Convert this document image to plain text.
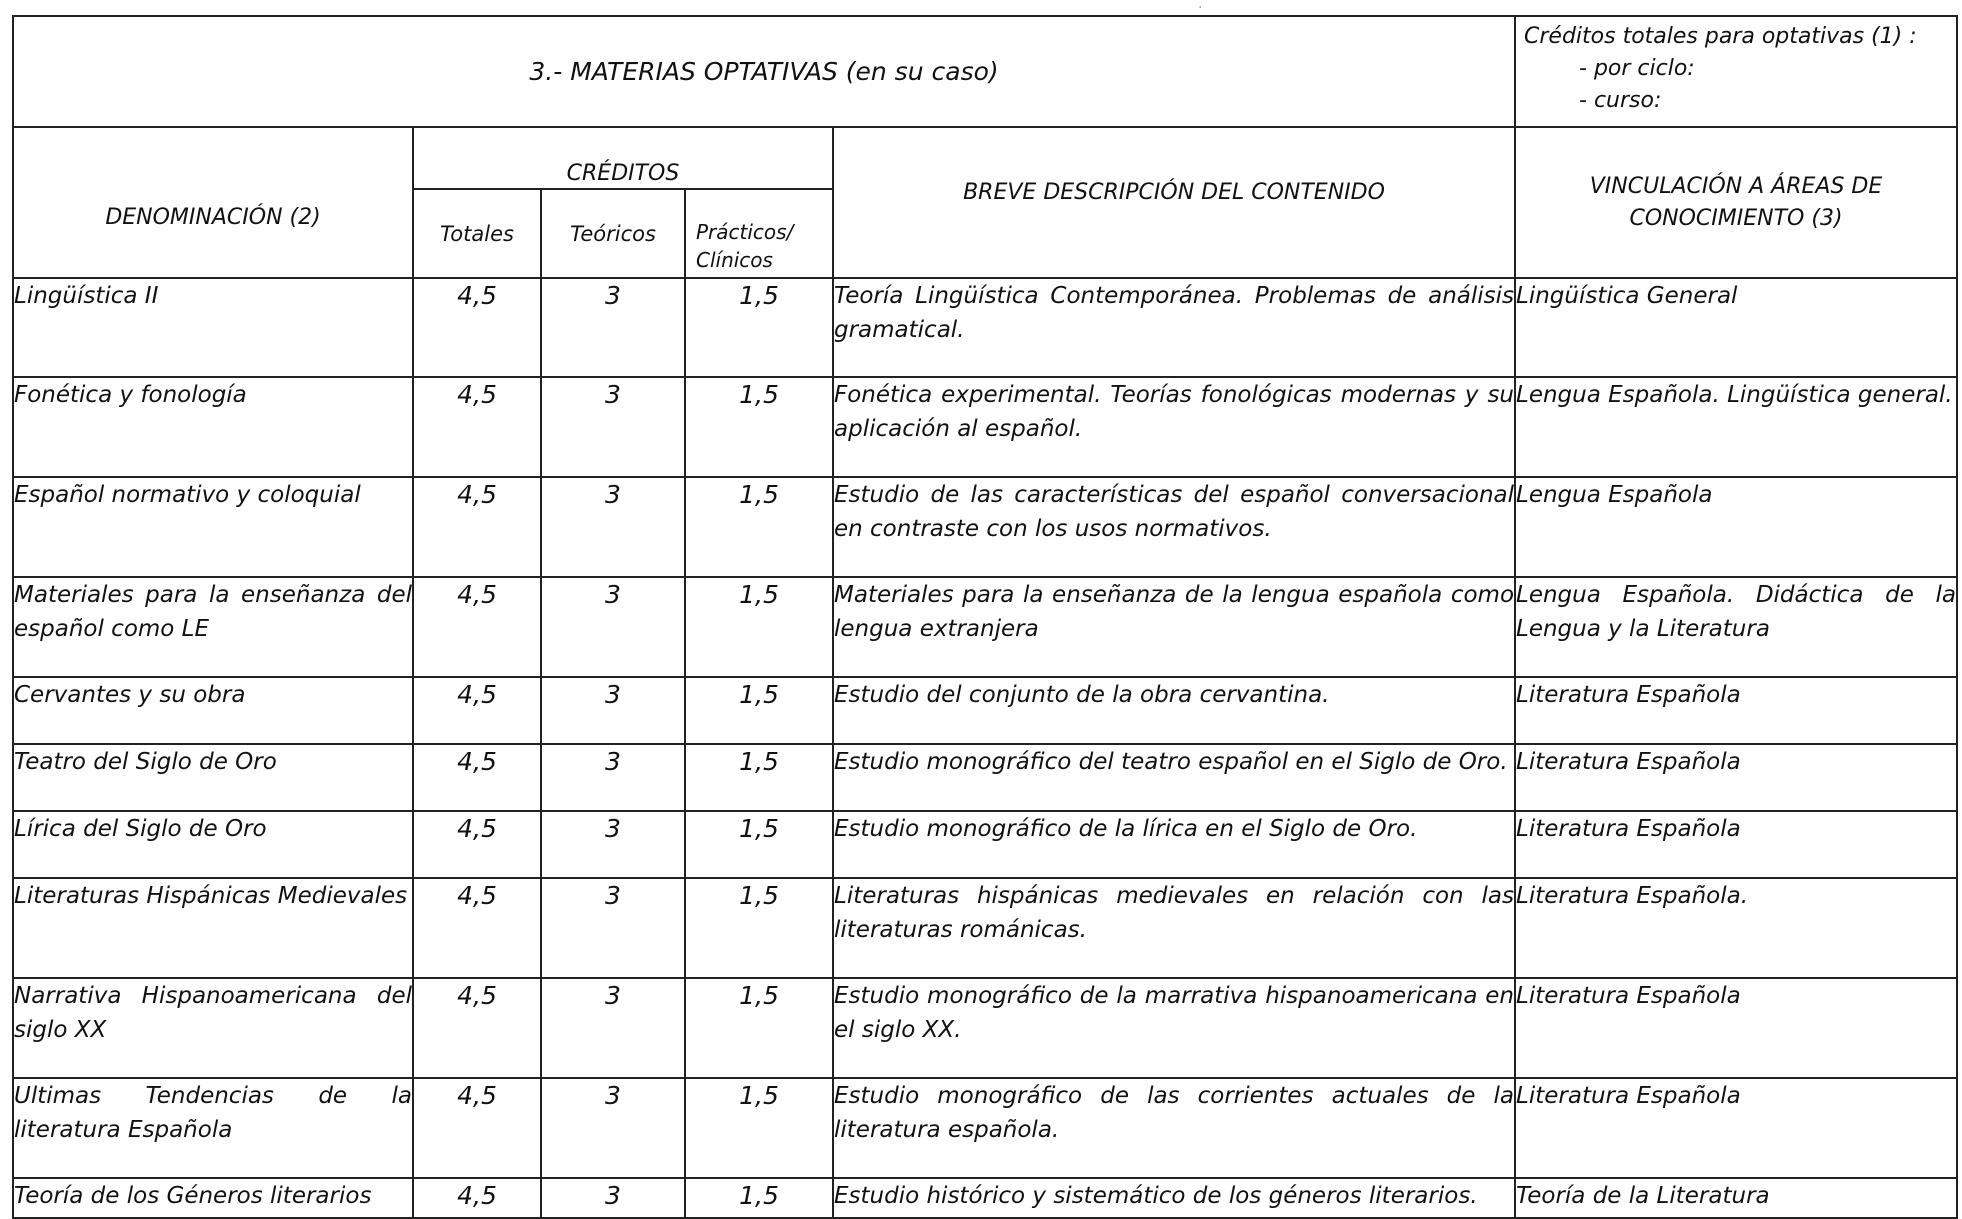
3.- MATERIAS OPTATIVAS (en su caso)					Créditos totales para optativas (1) :
- por ciclo:
- curso:

DENOMINACIÓN (2)	CRÉDITOS			BREVE DESCRIPCIÓN DEL CONTENIDO	VINCULACIÓN A ÁREAS DE CONOCIMIENTO (3)
	Totales	Teóricos	Prácticos/ Clínicos		
Lingüística II	4,5	3	1,5	Teoría Lingüística Contemporánea. Problemas de análisis gramatical.	Lingüística General
Fonética y fonología	4,5	3	1,5	Fonética experimental. Teorías fonológicas modernas y su aplicación al español.	Lengua Española. Lingüística general.
Español normativo y coloquial	4,5	3	1,5	Estudio de las características del español conversacional en contraste con los usos normativos.	Lengua Española
Materiales para la enseñanza del español como LE	4,5	3	1,5	Materiales para la enseñanza de la lengua española como lengua extranjera	Lengua Española. Didáctica de la Lengua y la Literatura
Cervantes y su obra	4,5	3	1,5	Estudio del conjunto de la obra cervantina.	Literatura Española
Teatro del Siglo de Oro	4,5	3	1,5	Estudio monográfico del teatro español en el Siglo de Oro.	Literatura Española
Lírica del Siglo de Oro	4,5	3	1,5	Estudio monográfico de la lírica en el Siglo de Oro.	Literatura Española
Literaturas Hispánicas Medievales	4,5	3	1,5	Literaturas hispánicas medievales en relación con las literaturas románicas.	Literatura Española.
Narrativa Hispanoamericana del siglo XX	4,5	3	1,5	Estudio monográfico de la marrativa hispanoamericana en el siglo XX.	Literatura Española
Ultimas Tendencias de la literatura Española	4,5	3	1,5	Estudio monográfico de las corrientes actuales de la literatura española.	Literatura Española
Teoría de los Géneros literarios	4,5	3	1,5	Estudio histórico y sistemático de los géneros literarios.	Teoría de la Literatura
·
